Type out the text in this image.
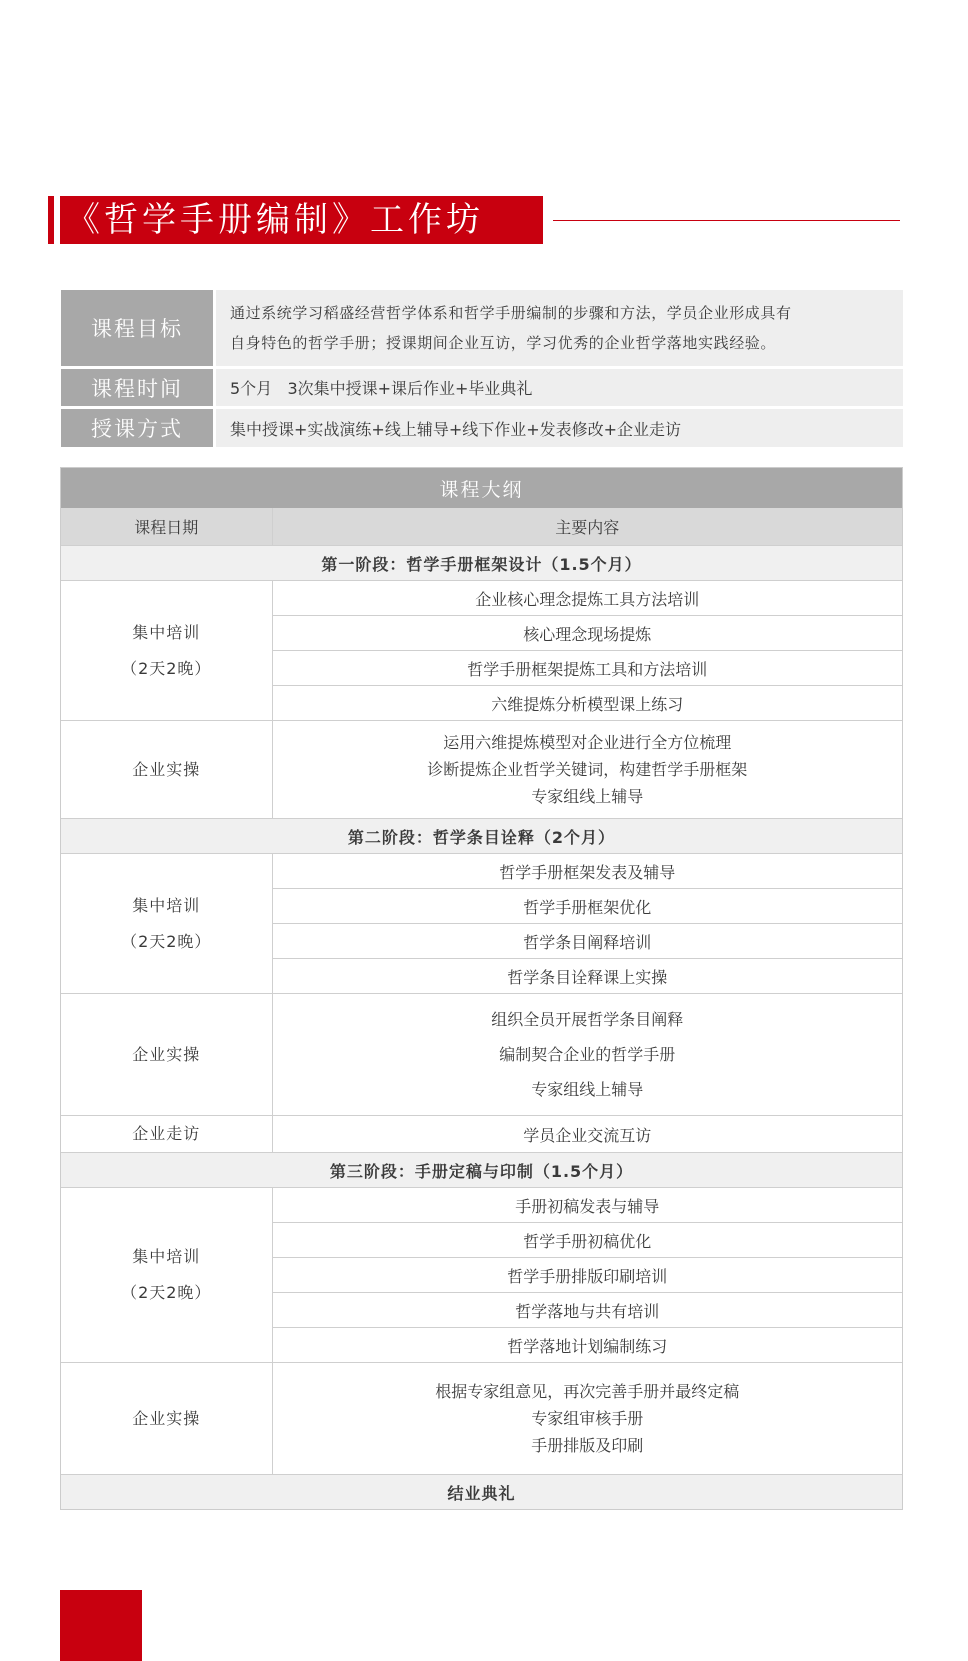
《哲学手册编制》工作坊
课程目标
通过系统学习稻盛经营哲学体系和哲学手册编制的步骤和方法，学员企业形成具有
自身特色的哲学手册；授课期间企业互访，学习优秀的企业哲学落地实践经验。
课程时间	5个月   3次集中授课+课后作业+毕业典礼
授课方式	集中授课+实战演练+线上辅导+线下作业+发表修改+企业走访
课程大纲
课程日期	主要内容
第一阶段：哲学手册框架设计（1.5个月）	

集中培训
（2天2晚）	企业核心理念提炼工具方法培训
	核心理念现场提炼
	哲学手册框架提炼工具和方法培训
	六维提炼分析模型课上练习
企业实操	运用六维提炼模型对企业进行全方位梳理
诊断提炼企业哲学关键词，构建哲学手册框架
专家组线上辅导

第二阶段：哲学条目诠释（2个月）	

集中培训
（2天2晚）	哲学手册框架发表及辅导
	哲学手册框架优化
	哲学条目阐释培训
	哲学条目诠释课上实操
企业实操	组织全员开展哲学条目阐释
编制契合企业的哲学手册
专家组线上辅导

企业走访	学员企业交流互访
第三阶段：手册定稿与印制（1.5个月）	

集中培训
（2天2晚）	手册初稿发表与辅导
	哲学手册初稿优化
	哲学手册排版印刷培训
	哲学落地与共有培训
	哲学落地计划编制练习
企业实操	根据专家组意见，再次完善手册并最终定稿
专家组审核手册
手册排版及印刷

结业典礼	
